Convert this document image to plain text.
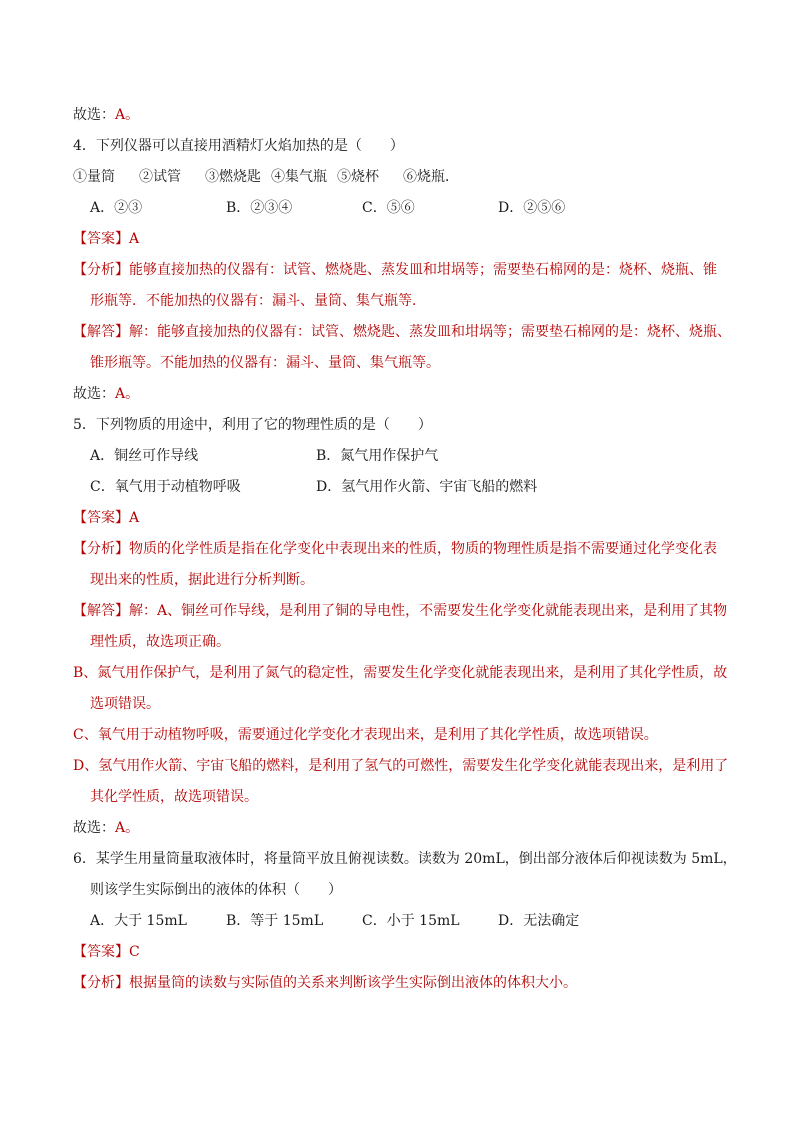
故选：A。
4．下列仪器可以直接用酒精灯火焰加热的是（　　）
①量筒	②试管	③燃烧匙 ④集气瓶 ⑤烧杯	⑥烧瓶．
A．②③	B．②③④	C．⑤⑥	D．②⑤⑥
【答案】A
【分析】能够直接加热的仪器有：试管、燃烧匙、蒸发皿和坩埚等；需要垫石棉网的是：烧杯、烧瓶、锥
形瓶等．不能加热的仪器有：漏斗、量筒、集气瓶等．
【解答】解：能够直接加热的仪器有：试管、燃烧匙、蒸发皿和坩埚等；需要垫石棉网的是：烧杯、烧瓶、
锥形瓶等。不能加热的仪器有：漏斗、量筒、集气瓶等。
故选：A。
5．下列物质的用途中，利用了它的物理性质的是（　　）
A．铜丝可作导线	B．氮气用作保护气
C．氧气用于动植物呼吸	D．氢气用作火箭、宇宙飞船的燃料
【答案】A
【分析】物质的化学性质是指在化学变化中表现出来的性质，物质的物理性质是指不需要通过化学变化表
现出来的性质，据此进行分析判断。
【解答】解：A、铜丝可作导线，是利用了铜的导电性，不需要发生化学变化就能表现出来，是利用了其物
理性质，故选项正确。
B、氮气用作保护气，是利用了氮气的稳定性，需要发生化学变化就能表现出来，是利用了其化学性质，故
选项错误。
C、氧气用于动植物呼吸，需要通过化学变化才表现出来，是利用了其化学性质，故选项错误。
D、氢气用作火箭、宇宙飞船的燃料，是利用了氢气的可燃性，需要发生化学变化就能表现出来，是利用了
其化学性质，故选项错误。
故选：A。
6．某学生用量筒量取液体时，将量筒平放且俯视读数。读数为 20mL，倒出部分液体后仰视读数为 5mL，
则该学生实际倒出的液体的体积（　　）
A．大于 15mL	B．等于 15mL	C．小于 15mL	D．无法确定
【答案】C
【分析】根据量筒的读数与实际值的关系来判断该学生实际倒出液体的体积大小。
